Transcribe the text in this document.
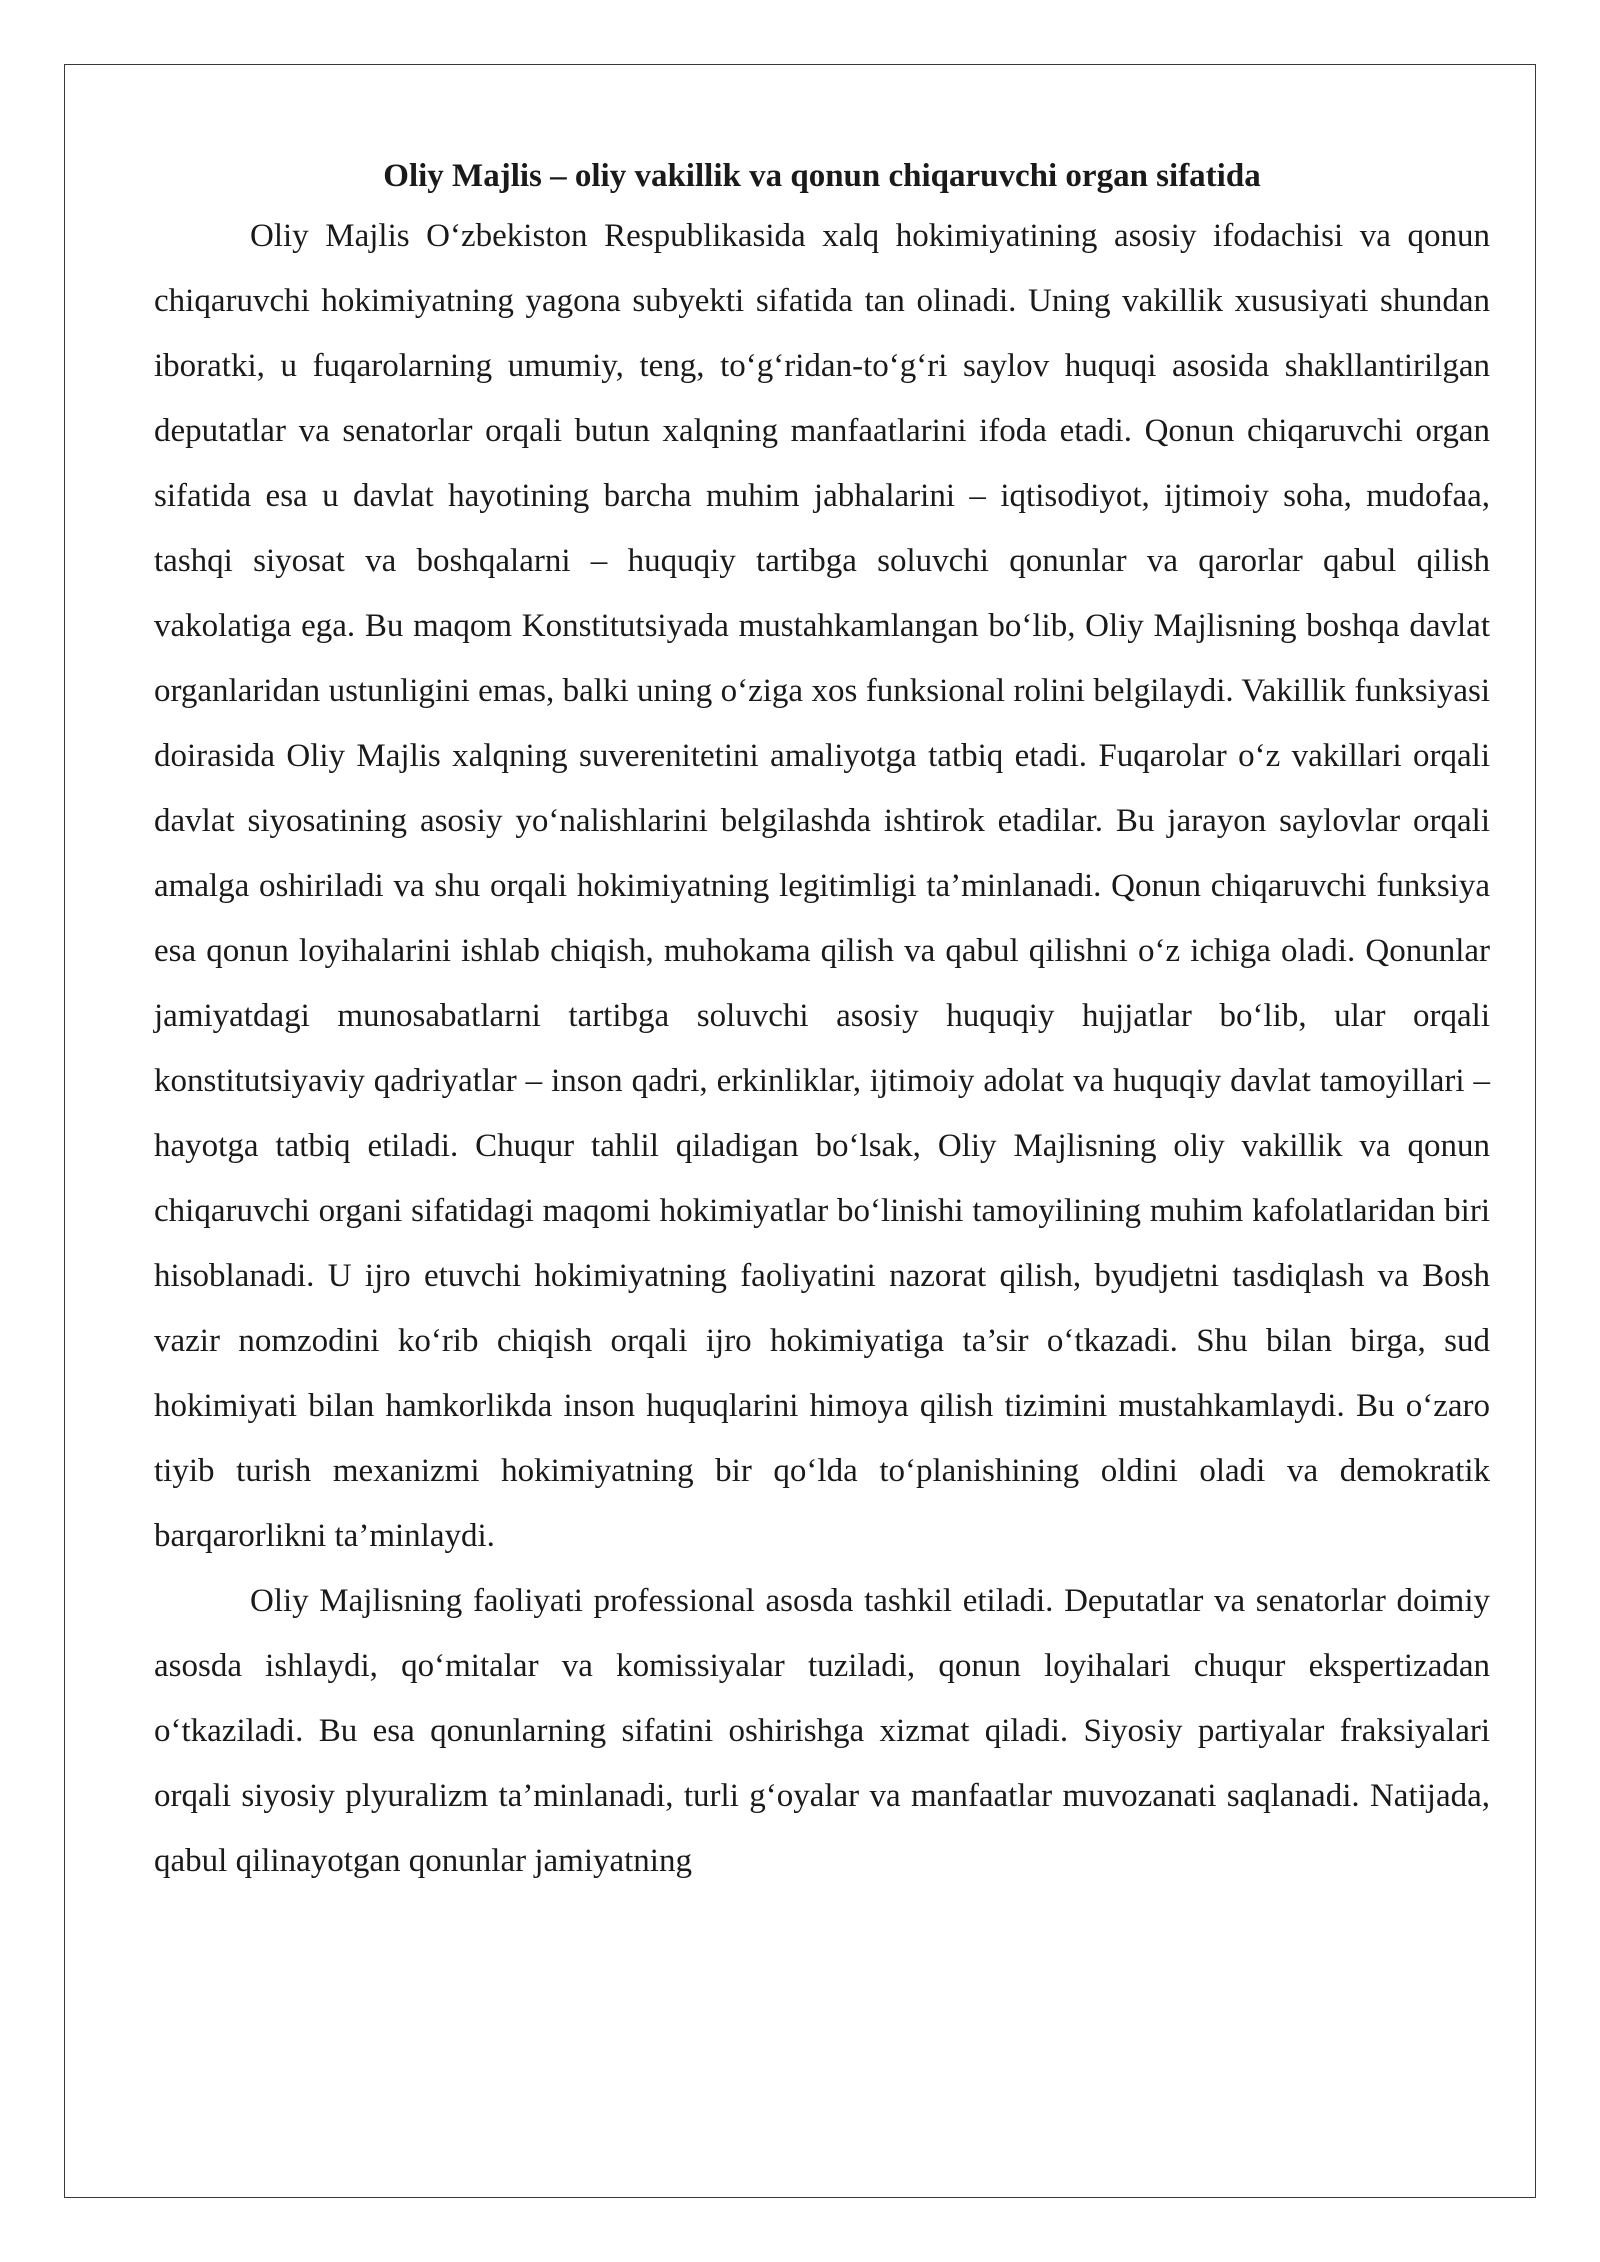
Oliy Majlis – oliy vakillik va qonun chiqaruvchi organ sifatida

Oliy Majlis O‘zbekiston Respublikasida xalq hokimiyatining asosiy ifodachisi va qonun chiqaruvchi hokimiyatning yagona subyekti sifatida tan olinadi. Uning vakillik xususiyati shundan iboratki, u fuqarolarning umumiy, teng, to‘g‘ridan-to‘g‘ri saylov huquqi asosida shakllantirilgan deputatlar va senatorlar orqali butun xalqning manfaatlarini ifoda etadi. Qonun chiqaruvchi organ sifatida esa u davlat hayotining barcha muhim jabhalarini – iqtisodiyot, ijtimoiy soha, mudofaa, tashqi siyosat va boshqalarni – huquqiy tartibga soluvchi qonunlar va qarorlar qabul qilish vakolatiga ega. Bu maqom Konstitutsiyada mustahkamlangan bo‘lib, Oliy Majlisning boshqa davlat organlaridan ustunligini emas, balki uning o‘ziga xos funksional rolini belgilaydi. Vakillik funksiyasi doirasida Oliy Majlis xalqning suverenitetini amaliyotga tatbiq etadi. Fuqarolar o‘z vakillari orqali davlat siyosatining asosiy yo‘nalishlarini belgilashda ishtirok etadilar. Bu jarayon saylovlar orqali amalga oshiriladi va shu orqali hokimiyatning legitimligi ta’minlanadi. Qonun chiqaruvchi funksiya esa qonun loyihalarini ishlab chiqish, muhokama qilish va qabul qilishni o‘z ichiga oladi. Qonunlar jamiyatdagi munosabatlarni tartibga soluvchi asosiy huquqiy hujjatlar bo‘lib, ular orqali konstitutsiyaviy qadriyatlar – inson qadri, erkinliklar, ijtimoiy adolat va huquqiy davlat tamoyillari – hayotga tatbiq etiladi. Chuqur tahlil qiladigan bo‘lsak, Oliy Majlisning oliy vakillik va qonun chiqaruvchi organi sifatidagi maqomi hokimiyatlar bo‘linishi tamoyilining muhim kafolatlaridan biri hisoblanadi. U ijro etuvchi hokimiyatning faoliyatini nazorat qilish, byudjetni tasdiqlash va Bosh vazir nomzodini ko‘rib chiqish orqali ijro hokimiyatiga ta’sir o‘tkazadi. Shu bilan birga, sud hokimiyati bilan hamkorlikda inson huquqlarini himoya qilish tizimini mustahkamlaydi. Bu o‘zaro tiyib turish mexanizmi hokimiyatning bir qo‘lda to‘planishining oldini oladi va demokratik barqarorlikni ta’minlaydi.

Oliy Majlisning faoliyati professional asosda tashkil etiladi. Deputatlar va senatorlar doimiy asosda ishlaydi, qo‘mitalar va komissiyalar tuziladi, qonun loyihalari chuqur ekspertizadan o‘tkaziladi. Bu esa qonunlarning sifatini oshirishga xizmat qiladi. Siyosiy partiyalar fraksiyalari orqali siyosiy plyuralizm ta’minlanadi, turli g‘oyalar va manfaatlar muvozanati saqlanadi. Natijada, qabul qilinayotgan qonunlar jamiyatning
